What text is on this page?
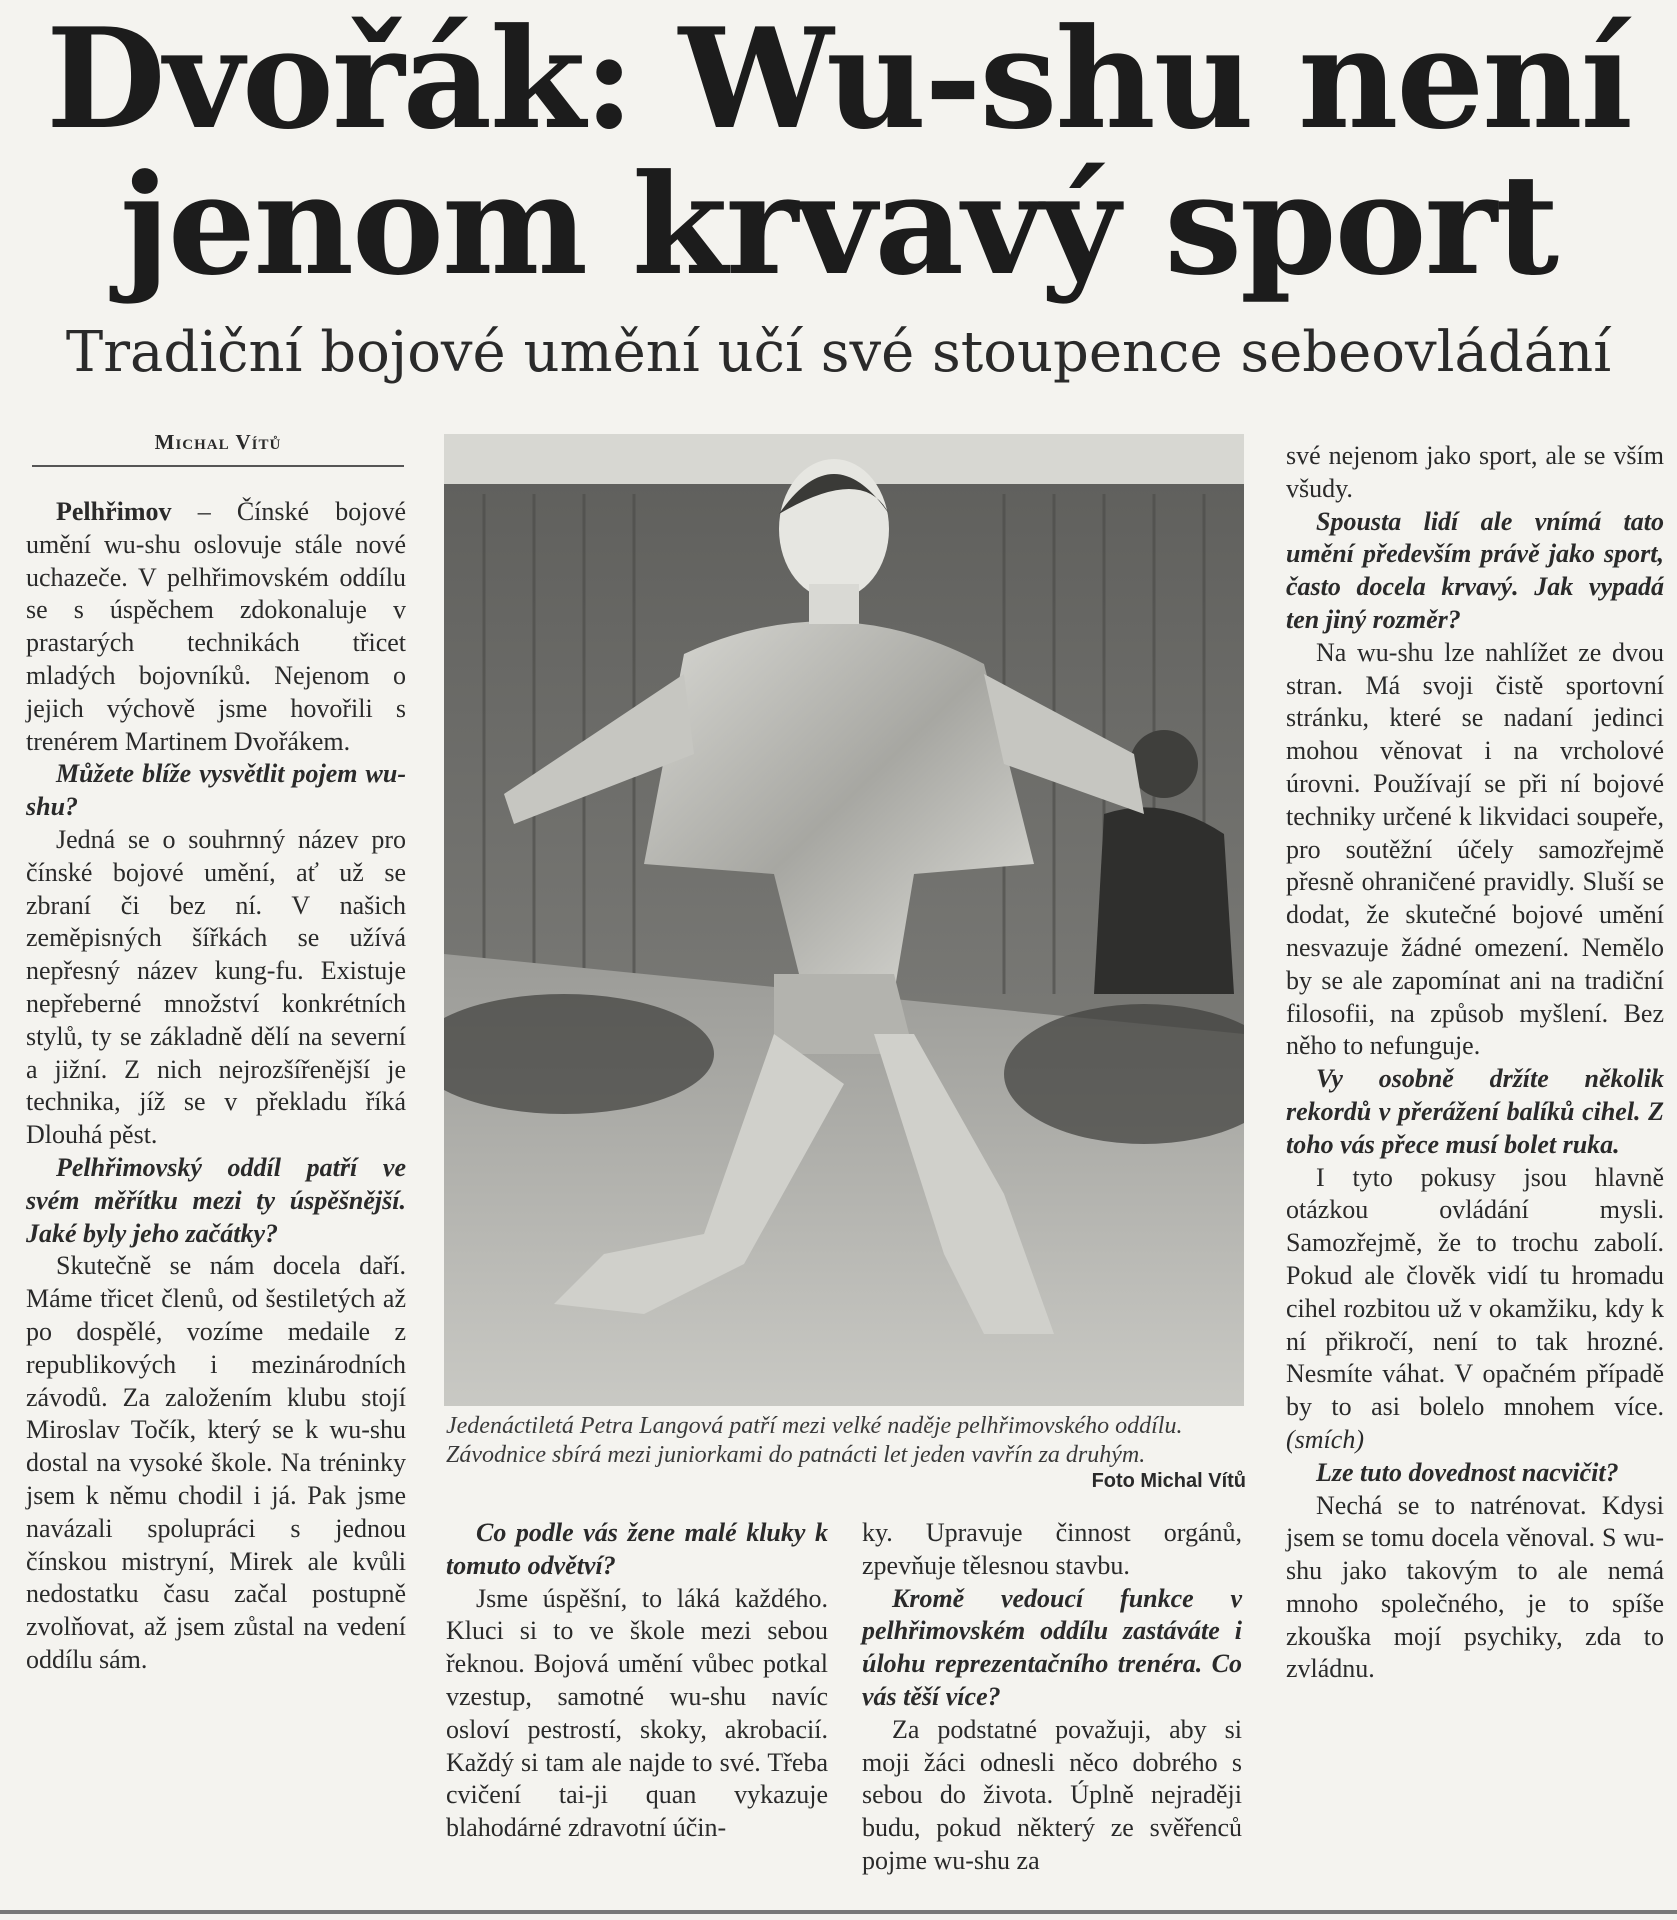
Dvořák: Wu-shu není
jenom krvavý sport
Tradiční bojové umění učí své stoupence sebeovládání
Michal Vítů

Pelhřimov – Čínské bojové umění wu-shu oslovuje stále nové uchazeče. V pelhřimovském oddílu se s úspěchem zdokonaluje v prastarých technikách třicet mladých bojovníků. Nejenom o jejich výchově jsme hovořili s trenérem Martinem Dvořákem.

Můžete blíže vysvětlit pojem wu-shu?

Jedná se o souhrnný název pro čínské bojové umění, ať už se zbraní či bez ní. V našich zeměpisných šířkách se užívá nepřesný název kung-fu. Existuje nepřeberné množství konkrétních stylů, ty se základně dělí na severní a jižní. Z nich nejrozšířenější je technika, jíž se v překladu říká Dlouhá pěst.

Pelhřimovský oddíl patří ve svém měřítku mezi ty úspěšnější. Jaké byly jeho začátky?

Skutečně se nám docela daří. Máme třicet členů, od šestiletých až po dospělé, vozíme medaile z republikových i mezinárodních závodů. Za založením klubu stojí Miroslav Točík, který se k wu-shu dostal na vysoké škole. Na tréninky jsem k němu chodil i já. Pak jsme navázali spolupráci s jednou čínskou mistryní, Mirek ale kvůli nedostatku času začal postupně zvolňovat, až jsem zůstal na vedení oddílu sám.

Jedenáctiletá Petra Langová patří mezi velké naděje pelhřimovského oddílu. Závodnice sbírá mezi juniorkami do patnácti let jeden vavřín za druhým.
Foto Michal Vítů

Co podle vás žene malé kluky k tomuto odvětví?

Jsme úspěšní, to láká každého. Kluci si to ve škole mezi sebou řeknou. Bojová umění vůbec potkal vzestup, samotné wu-shu navíc osloví pestrostí, skoky, akrobacií. Každý si tam ale najde to své. Třeba cvičení tai-ji quan vykazuje blahodárné zdravotní účin-

ky. Upravuje činnost orgánů, zpevňuje tělesnou stavbu.

Kromě vedoucí funkce v pelhřimovském oddílu zastáváte i úlohu reprezentačního trenéra. Co vás těší více?

Za podstatné považuji, aby si moji žáci odnesli něco dobrého s sebou do života. Úplně nejraději budu, pokud některý ze svěřenců pojme wu-shu za

své nejenom jako sport, ale se vším všudy.

Spousta lidí ale vnímá tato umění především právě jako sport, často docela krvavý. Jak vypadá ten jiný rozměr?

Na wu-shu lze nahlížet ze dvou stran. Má svoji čistě sportovní stránku, které se nadaní jedinci mohou věnovat i na vrcholové úrovni. Používají se při ní bojové techniky určené k likvidaci soupeře, pro soutěžní účely samozřejmě přesně ohraničené pravidly. Sluší se dodat, že skutečné bojové umění nesvazuje žádné omezení. Nemělo by se ale zapomínat ani na tradiční filosofii, na způsob myšlení. Bez něho to nefunguje.

Vy osobně držíte několik rekordů v přerážení balíků cihel. Z toho vás přece musí bolet ruka.

I tyto pokusy jsou hlavně otázkou ovládání mysli. Samozřejmě, že to trochu zabolí. Pokud ale člověk vidí tu hromadu cihel rozbitou už v okamžiku, kdy k ní přikročí, není to tak hrozné. Nesmíte váhat. V opačném případě by to asi bolelo mnohem více. (smích)

Lze tuto dovednost nacvičit?

Nechá se to natrénovat. Kdysi jsem se tomu docela věnoval. S wu-shu jako takovým to ale nemá mnoho společného, je to spíše zkouška mojí psychiky, zda to zvládnu.
